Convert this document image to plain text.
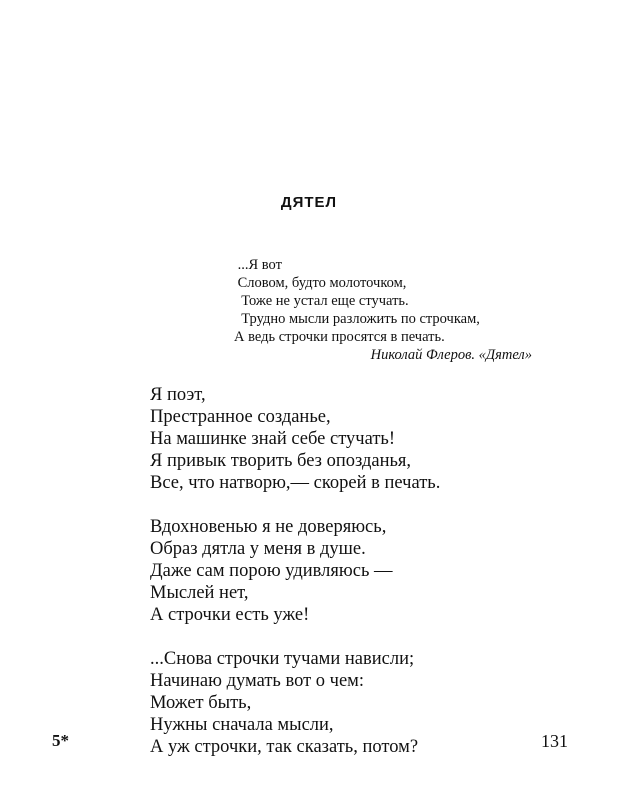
ДЯТЕЛ
...Я вот
Словом, будто молоточком,
Тоже не устал еще стучать.
Трудно мысли разложить по строчкам,
А ведь строчки просятся в печать.
Николай Флеров. «Дятел»
Я поэт,
Престранное созданье,
На машинке знай себе стучать!
Я привык творить без опозданья,
Все, что натворю,— скорей в печать.
Вдохновенью я не доверяюсь,
Образ дятла у меня в душе.
Даже сам порою удивляюсь —
Мыслей нет,
А строчки есть уже!
...Снова строчки тучами нависли;
Начинаю думать вот о чем:
Может быть,
Нужны сначала мысли,
А уж строчки, так сказать, потом?
5*	131
